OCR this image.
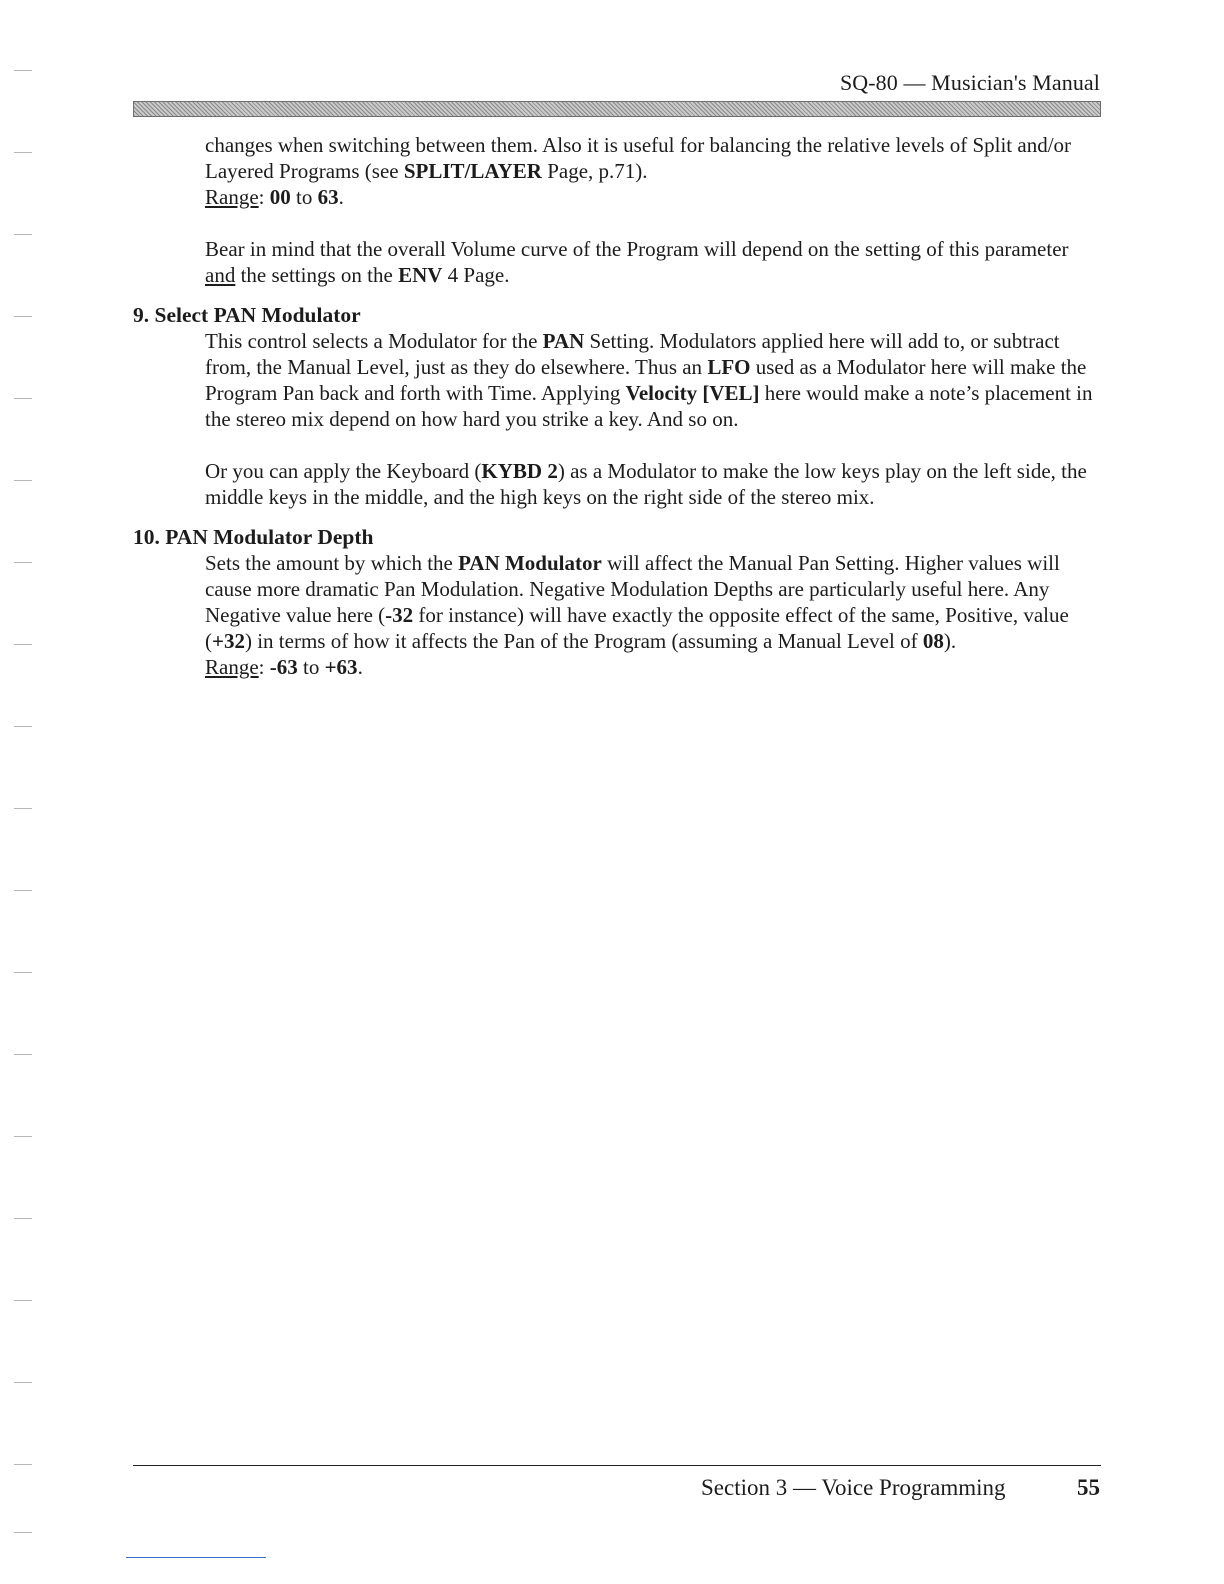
SQ-80 — Musician's Manual

changes when switching between them. Also it is useful for balancing the relative levels of Split and/or Layered Programs (see SPLIT/LAYER Page, p.71).

Range: 00 to 63.

Bear in mind that the overall Volume curve of the Program will depend on the setting of this parameter and the settings on the ENV 4 Page.

9. Select PAN Modulator

This control selects a Modulator for the PAN Setting. Modulators applied here will add to, or subtract from, the Manual Level, just as they do elsewhere. Thus an LFO used as a Modulator here will make the Program Pan back and forth with Time. Applying Velocity [VEL] here would make a note’s placement in the stereo mix depend on how hard you strike a key. And so on.

Or you can apply the Keyboard (KYBD 2) as a Modulator to make the low keys play on the left side, the middle keys in the middle, and the high keys on the right side of the stereo mix.

10. PAN Modulator Depth

Sets the amount by which the PAN Modulator will affect the Manual Pan Setting. Higher values will cause more dramatic Pan Modulation. Negative Modulation Depths are particularly useful here. Any Negative value here (-32 for instance) will have exactly the opposite effect of the same, Positive, value (+32) in terms of how it affects the Pan of the Program (assuming a Manual Level of 08).

Range: -63 to +63.

Section 3 — Voice Programming	55
